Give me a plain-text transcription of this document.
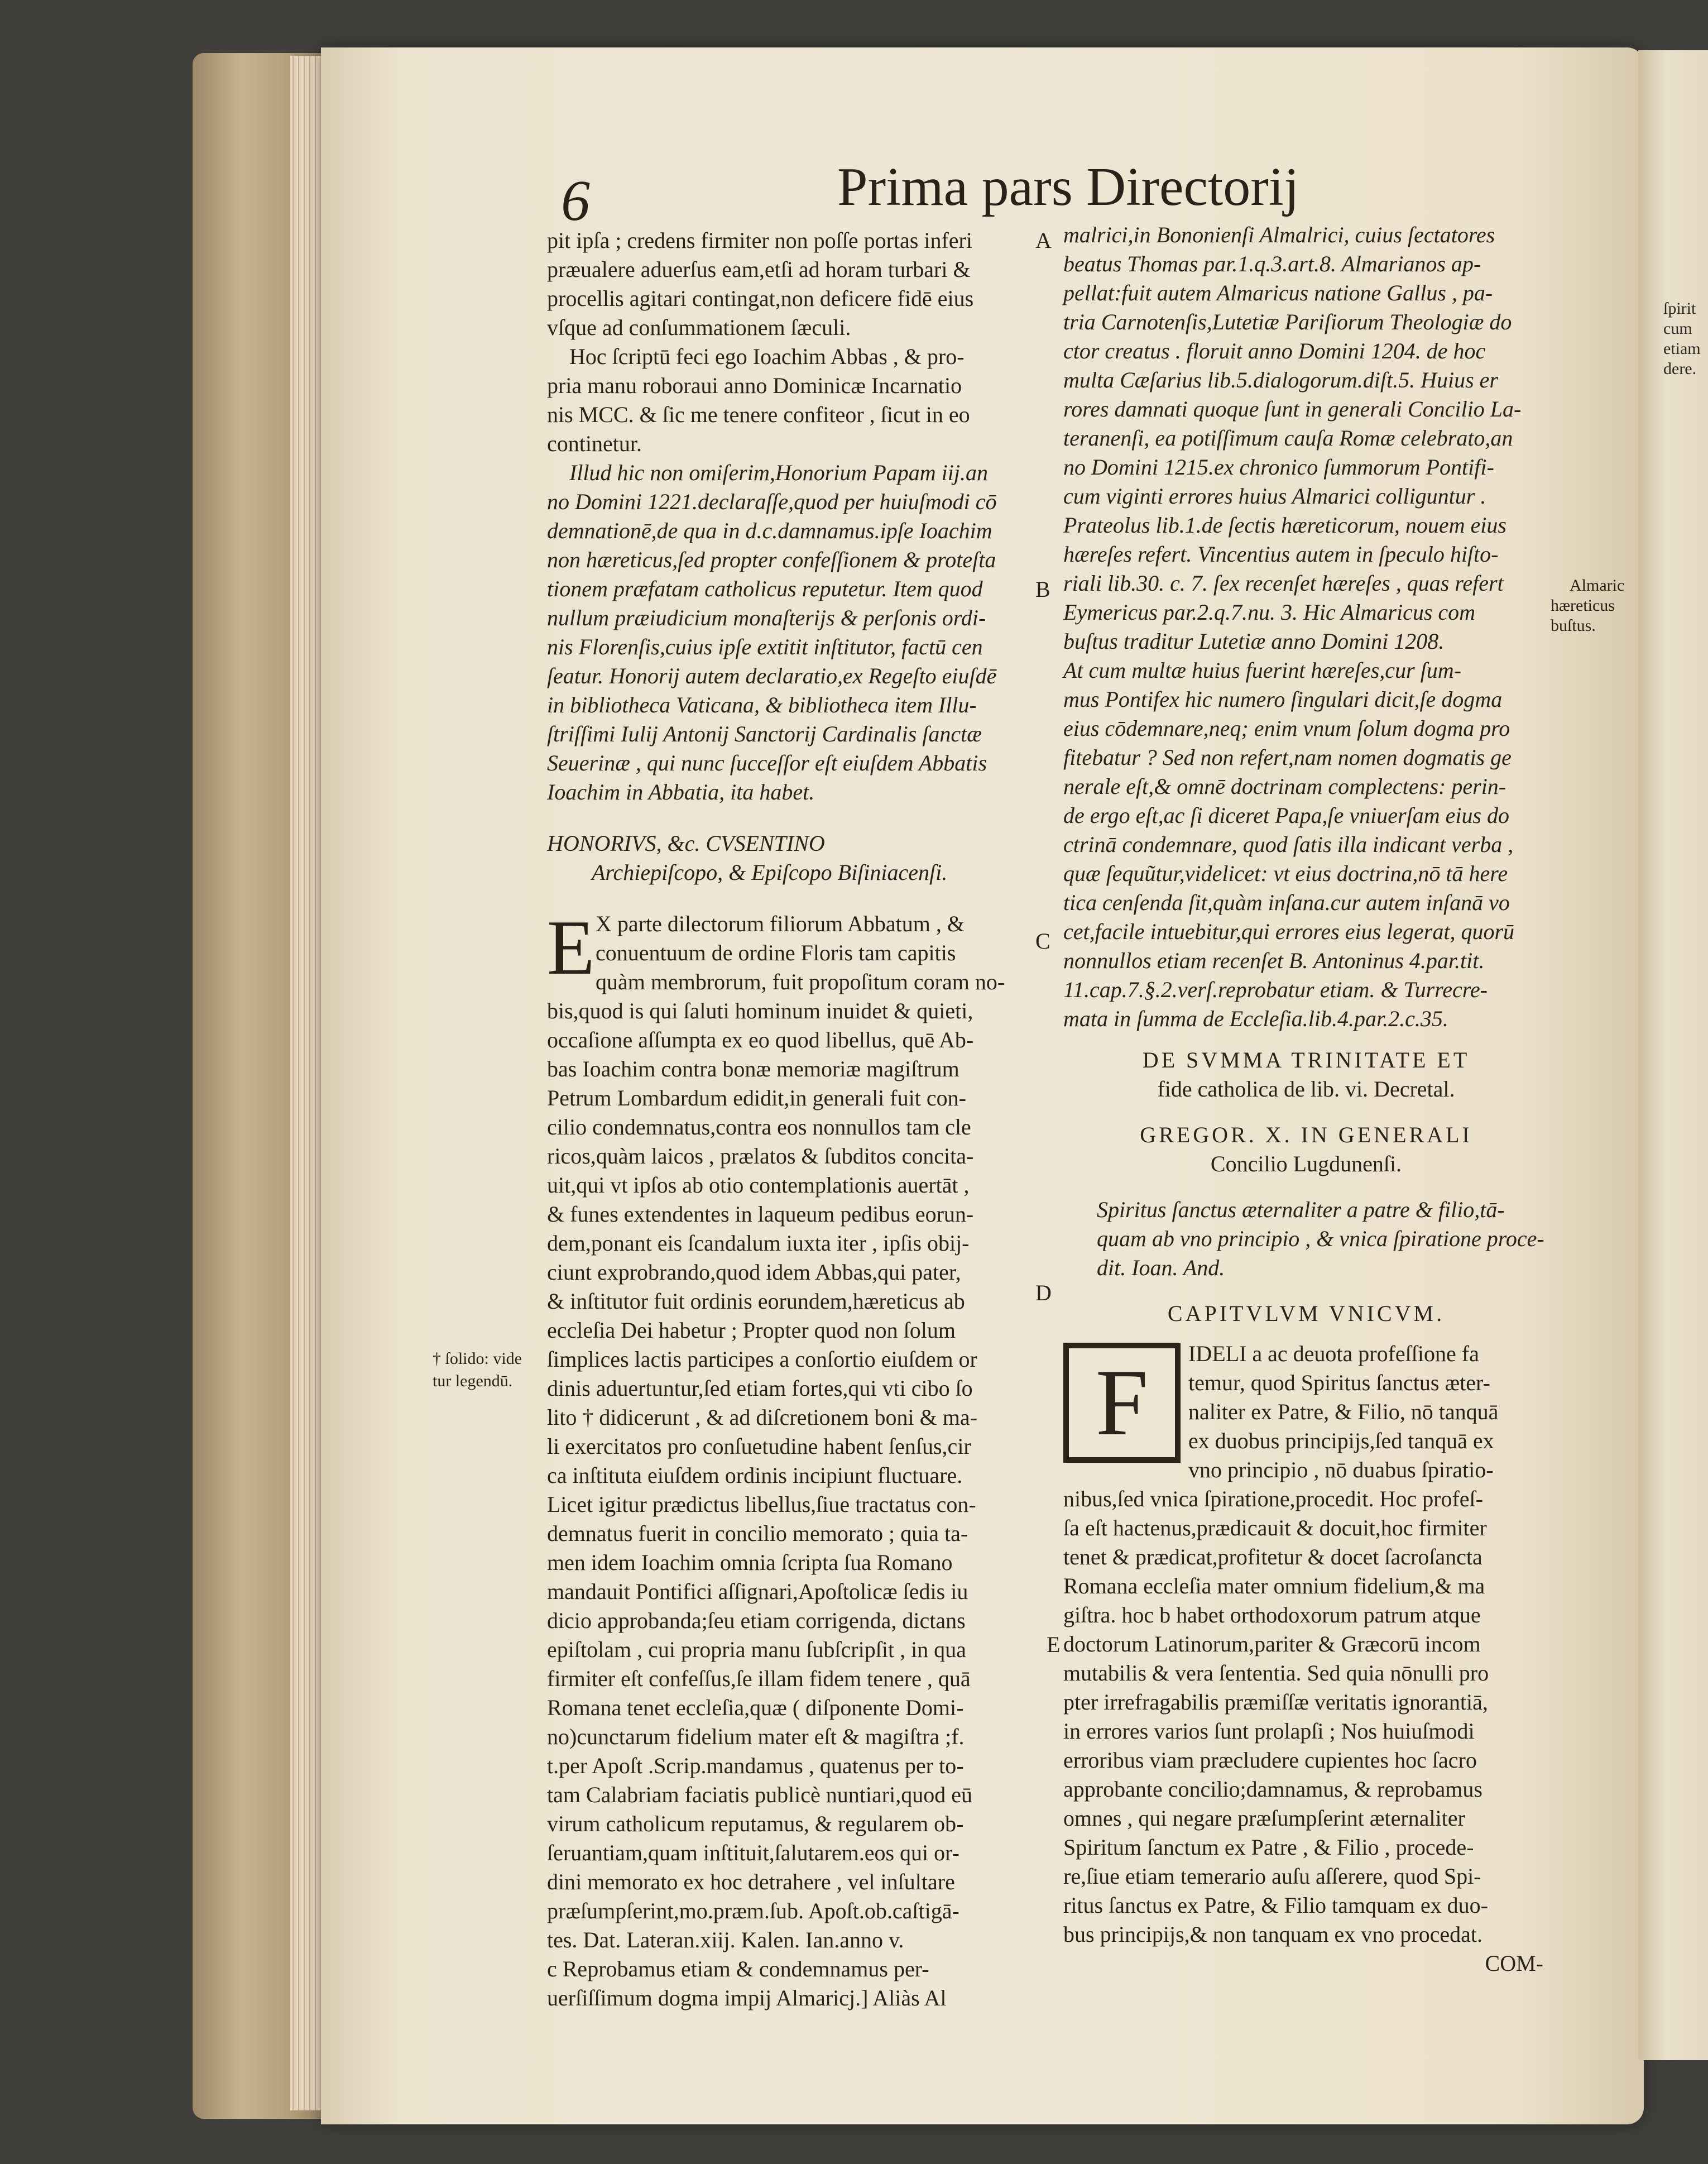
ſpirit
cum
etiam
dere.
6	Prima pars Directorij
A
B
C
D
E
Almaric
hæreticus
buſtus.
† ſolido: vide
tur legendū.
pit ipſa ; credens firmiter non poſſe portas inferi
præualere aduerſus eam,etſi ad horam turbari &
procellis agitari contingat,non deficere fidē eius
vſque ad conſummationem ſæculi.
Hoc ſcriptū feci ego Ioachim Abbas , & pro-
pria manu roboraui anno Dominicæ Incarnatio
nis MCC. & ſic me tenere confiteor , ſicut in eo
continetur.
Illud hic non omiſerim,Honorium Papam iij.an
no Domini 1221.declaraſſe,quod per huiuſmodi cō
demnationē,de qua in d.c.damnamus.ipſe Ioachim
non hæreticus,ſed propter confeſſionem & proteſta
tionem præfatam catholicus reputetur. Item quod
nullum præiudicium monaſterijs & perſonis ordi-
nis Florenſis,cuius ipſe extitit inſtitutor, factū cen
ſeatur. Honorij autem declaratio,ex Regeſto eiuſdē
in bibliotheca Vaticana, & bibliotheca item Illu-
ſtriſſimi Iulij Antonij Sanctorij Cardinalis ſanctæ
Seuerinæ , qui nunc ſucceſſor eſt eiuſdem Abbatis
Ioachim in Abbatia, ita habet.
HONORIVS, &c. CVSENTINO
Archiepiſcopo, & Epiſcopo Biſiniacenſi.
E X parte dilectorum filiorum Abbatum , &
conuentuum de ordine Floris tam capitis
quàm membrorum, fuit propoſitum coram no-
bis,quod is qui ſaluti hominum inuidet & quieti,
occaſione aſſumpta ex eo quod libellus, quē Ab-
bas Ioachim contra bonæ memoriæ magiſtrum
Petrum Lombardum edidit,in generali fuit con-
cilio condemnatus,contra eos nonnullos tam cle
ricos,quàm laicos , prælatos & ſubditos concita-
uit,qui vt ipſos ab otio contemplationis auertāt ,
& funes extendentes in laqueum pedibus eorun-
dem,ponant eis ſcandalum iuxta iter , ipſis obij-
ciunt exprobrando,quod idem Abbas,qui pater,
& inſtitutor fuit ordinis eorundem,hæreticus ab
eccleſia Dei habetur ; Propter quod non ſolum
ſimplices lactis participes a conſortio eiuſdem or
dinis aduertuntur,ſed etiam fortes,qui vti cibo ſo
lito † didicerunt , & ad diſcretionem boni & ma-
li exercitatos pro conſuetudine habent ſenſus,cir
ca inſtituta eiuſdem ordinis incipiunt fluctuare.
Licet igitur prædictus libellus,ſiue tractatus con-
demnatus fuerit in concilio memorato ; quia ta-
men idem Ioachim omnia ſcripta ſua Romano
mandauit Pontifici aſſignari,Apoſtolicæ ſedis iu
dicio approbanda;ſeu etiam corrigenda, dictans
epiſtolam , cui propria manu ſubſcripſit , in qua
firmiter eſt confeſſus,ſe illam fidem tenere , quā
Romana tenet eccleſia,quæ ( diſponente Domi-
no)cunctarum fidelium mater eſt & magiſtra ;f.
t.per Apoſt .Scrip.mandamus , quatenus per to-
tam Calabriam faciatis publicè nuntiari,quod eū
virum catholicum reputamus, & regularem ob-
ſeruantiam,quam inſtituit,ſalutarem.eos qui or-
dini memorato ex hoc detrahere , vel inſultare
præſumpſerint,mo.præm.ſub. Apoſt.ob.caſtigā-
tes. Dat. Lateran.xiij. Kalen. Ian.anno v.
c Reprobamus etiam & condemnamus per-
uerſiſſimum dogma impij Almaricj.] Aliàs Al
malrici,in Bononienſi Almalrici, cuius ſectatores
beatus Thomas par.1.q.3.art.8. Almarianos ap-
pellat:fuit autem Almaricus natione Gallus , pa-
tria Carnotenſis,Lutetiæ Pariſiorum Theologiæ do
ctor creatus . floruit anno Domini 1204. de hoc
multa Cæſarius lib.5.dialogorum.diſt.5. Huius er
rores damnati quoque ſunt in generali Concilio La-
teranenſi, ea potiſſimum cauſa Romæ celebrato,an
no Domini 1215.ex chronico ſummorum Pontifi-
cum viginti errores huius Almarici colliguntur .
Prateolus lib.1.de ſectis hæreticorum, nouem eius
hæreſes refert. Vincentius autem in ſpeculo hiſto-
riali lib.30. c. 7. ſex recenſet hæreſes , quas refert
Eymericus par.2.q.7.nu. 3. Hic Almaricus com
buſtus traditur Lutetiæ anno Domini 1208.
At cum multæ huius fuerint hæreſes,cur ſum-
mus Pontifex hic numero ſingulari dicit,ſe dogma
eius cōdemnare,neq; enim vnum ſolum dogma pro
fitebatur ? Sed non refert,nam nomen dogmatis ge
nerale eſt,& omnē doctrinam complectens: perin-
de ergo eſt,ac ſi diceret Papa,ſe vniuerſam eius do
ctrinā condemnare, quod ſatis illa indicant verba ,
quæ ſequũtur,videlicet: vt eius doctrina,nō tā here
tica cenſenda ſit,quàm inſana.cur autem inſanā vo
cet,facile intuebitur,qui errores eius legerat, quorū
nonnullos etiam recenſet B. Antoninus 4.par.tit.
11.cap.7.§.2.verſ.reprobatur etiam. & Turrecre-
mata in ſumma de Eccleſia.lib.4.par.2.c.35.
DE SVMMA TRINITATE ET
fide catholica de lib. vi. Decretal.
GREGOR. X. IN GENERALI
Concilio Lugdunenſi.
Spiritus ſanctus æternaliter a patre & filio,tā-
quam ab vno principio , & vnica ſpiratione proce-
dit. Ioan. And.
CAPITVLVM VNICVM.
F	IDELI a ac deuota profeſſione fa
temur, quod Spiritus ſanctus æter-
naliter ex Patre, & Filio, nō tanquā
ex duobus principijs,ſed tanquā ex
vno principio , nō duabus ſpiratio-
nibus,ſed vnica ſpiratione,procedit. Hoc profeſ-
ſa eſt hactenus,prædicauit & docuit,hoc firmiter
tenet & prædicat,profitetur & docet ſacroſancta
Romana eccleſia mater omnium fidelium,& ma
giſtra. hoc b habet orthodoxorum patrum atque
doctorum Latinorum,pariter & Græcorū incom
mutabilis & vera ſententia. Sed quia nōnulli pro
pter irrefragabilis præmiſſæ veritatis ignorantiā,
in errores varios ſunt prolapſi ; Nos huiuſmodi
erroribus viam præcludere cupientes hoc ſacro
approbante concilio;damnamus, & reprobamus
omnes , qui negare præſumpſerint æternaliter
Spiritum ſanctum ex Patre , & Filio , procede-
re,ſiue etiam temerario auſu aſſerere, quod Spi-
ritus ſanctus ex Patre, & Filio tamquam ex duo-
bus principijs,& non tanquam ex vno procedat.
COM-
